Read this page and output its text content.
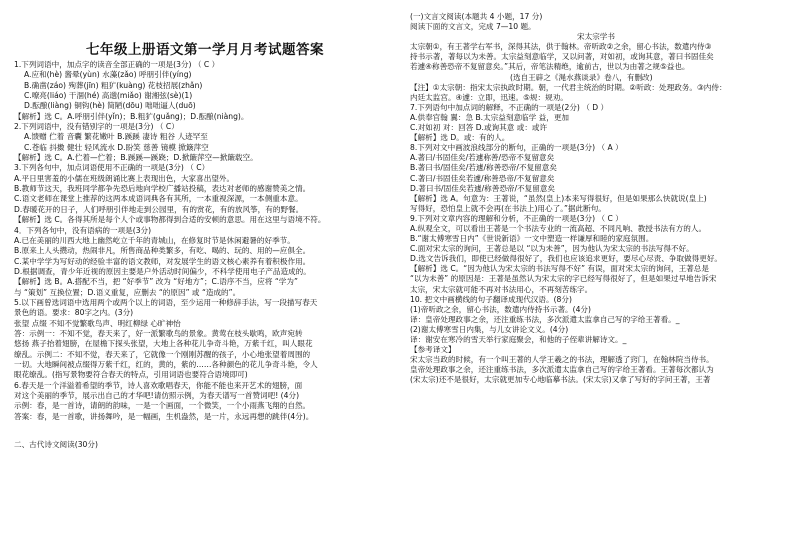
七年级上册语文第一学月月考试题答案
1.下列词语中，加点字的读音全部正确的一项是(3分) （ C ）
A.应和(hè) 酱晕(yùn) 水藻(zǎo) 呼朋引伴(yíng)
B.确凿(záo) 殉葬(jīn) 粗犷(kuàng) 花枝招展(zhǎn)
C.嘹亮(liáo) 干涸(hé) 高邈(miǎo) 谢湘弦(sè)(1)
D.酝酿(liàng) 铜钩(hè) 简陋(dōu) 咄咄逼人(duō)
【解析】选 C。A.呼朋引伴(yǐn)；B.粗犷(guǎng)；D.酝酿(niàng)。
2.下列词语中，没有错别字的一项是(3分) （ C）
A.馈赠 伫着 音囊 繁花嫩叶 B.蹊蹊 凄诗 粗谷 人迹罕至
C.苍临 抖擞 健壮 轻风流水 D.盼笑 慈善 镜模 掀簸萍空
【解析】选 C。A.伫着—伫着；B.蹊蹊—蹊跷；D.掀簸萍空—掀簸载空。
3.下列各句中，加点词语使用不正确的一项是(3分) （ C）
A.平日里害羞的小儒在班级朗诵比赛上表现出色，大家喜出望外。
B.教师节这天，我班同学都争先恐后地向学校广播站投稿，表达对老师的感谢赞美之情。
C.语文老师在课堂上推荐的这两本成语词典各有其所，一本重视深源，一本侧重本意。
D.春暖花开的日子，人们呼朋引伴地走到公园里，有的赏花，有的放风筝，有的野餐。
【解析】选 C。各得其所是每个人个或事物都得到合适的安顿的意思。用在这里与语境不符。
4．下列各句中，没有语病的一项是(3分)
A.已在美丽的川西大地上幽然屹立千年的青城山，在修复时节是休闲避暑的好季节。
B.原来上人头攒动，热闹非凡，所售商品种类繁多，有吃、喝的、玩的、用的—应俱全。
C.某中学学为写好动的经验丰富的语文教师，对发展学生的语文核心素养有着积极作用。
D.根据调查，青少年近视的原因主要是户外活动时间偏少，不科学使用电子产品造成的。
【解析】选 B。A.搭配不当，把 “好季节” 改为 “好地方”；C.语序不当，应将 “学为”
与 “策划” 互换位置；D.语义重复，应删去 “的原因” 或 “造成的”。
5.以下画曾选词语中选用两个或两个以上的词语，至少运用一种修辞手法，写一段描写春天
景色的语。要求：80字之内。(3分)
张望 点缀 不知不觉繁歌鸟声、明红柳绿 心旷神怡
答：示例一：不知不觉，春天来了，好一派繁歌鸟的景象。黄莺在枝头歇鸣，欧声宛转
悠扬 燕子抬着翅膀，在屋檐下探头张望，大地上各种花儿争奇斗艳，万紫千红，叫人眼花
缭乱。示例二：不知不觉，春天来了，它就像一个刚刚苏醒的孩子，小心地张望着周围的
一切。大地瞬间被点缀得万紫千红，红的，黄的，紫的……各种颜色的花儿争奇斗艳，令人
眼花缭乱。(指写景物要符合春天的特点，引用词语也要符合语境即可)
6.春天是一个洋溢着希望的季节，诗人喜欢歌唱春天，你能不能也来开艺术的翅膀，面
对这个美丽的季节，展示出自己的才华吧!请仿照示例，为春天谱写一首赞词吧! (4分)
示例：春，是一首诗，请朗的韵味，一是一个画面，一个微笑，一个小雨燕飞翔的自然。
答案：春，是一首歌，讲扬舞吟，是一幅画，生机盎然，是一片，永远再想的跳伴(4分)。
二、古代诗文阅读(30分)
(一)文言文阅读(本题共 4 小题，17 分)
阅读下面的文言文，完成 7—10 题。
宋太宗学书
太宗朝①，有王著学右军书，深得其法，供于翰林。帝听政②之余，留心书法，数遣内侍③
持书示著，著每以为未善。太宗益刻意临学，又以问著，对如初，或询其意，著曰书固佳矣
若遽④称善恐帝不复留意矣。”其后，帝笔法精绝，逾前古，世以为由著之规⑤益也。
(选自王辟之《渑水燕谈录》卷八，有删改)
【注】①太宗朝：指宋太宗执政时期。朝，一代君主统治的时期。②听政：处理政务。③内侍：
内廷太监宫。④遽：立即，迅速。⑤规：规劝。
7.下列语句中加点词的解释，不正确的一项是(2分) （ D ）
A.供奉官翰 翼：急 B.太宗益刻意临学 益，更加
C.对如初 对：回答 D.或询其意 或：或许
【解析】选 D。或：有的人。
8.下列对文中画波浪线部分的断句，正确的一项是(3分) （ A ）
A.著曰/书固佳矣/若遽称善/恐帝不复留意矣
B.著曰书/固佳矣/若遽/称善恐帝/不复留意矣
C.著曰/书固佳矣若遽/称善恐帝/不复留意矣
D.著曰书/固佳矣若遽/称善恐帝/不复留意矣
【解析】选 A。句意为：王著说，“虽然(皇上)本来写得很好，但是如果那么快就说(皇上)
写得好，恐怕皇上就不会再(在书法上)用心了。”据此断句。
9.下列对文章内容的理解和分析，不正确的一项是(3分) （ C ）
A.纵观全文，可以看出王著是一个书法专业的一流高超、不同凡响、教授书法有方的人。
B.“谢太傅寒雪日内”《世说新语》一文中塑造一样谦厚和睦的家庭氛围。
C.面对宋太宗的询问，王著总是以 “以为未善”，因为他认为宋太宗的书法写得不好。
D.选文告诉我们，即使已经做得很好了，我们也应该追求更好，要尽心尽责、争取做得更好。
【解析】选 C。“因为他认为宋太宗的书法写得不好” 有误，面对宋太宗的询问，王著总是
“以为未善” 的原因是：王著是虽然认为宋太宗的字已经写得很好了，但是如果过早地告诉宋
太宗，宋太宗就可能不再对书法用心，不再刻苦练字。
10. 把文中画横线的句子翻译成现代汉语。(8分)
(1)帝听政之余，留心书法，数遣内侍持书示著。(4分)
译：皇帝处理政事之余，还注重练书法，多次派遣太监拿自己写的字给王著看。_
(2)谢太傅寒雪日内集，与儿女讲论文义。(4分)
译：谢安在寒冷的雪天举行家庭聚会，和他的子侄辈讲解诗文。_
【参考译文】
宋太宗当政的时候，有一个叫王著的人学王羲之的书法，理解透了窍门，在翰林院当侍书。
皇帝处理政事之余，还注重练书法，多次派遣太监拿自己写的字给王著看。王著每次都认为
(宋太宗)还不是很好，太宗就更加专心地临摹书法。(宋太宗)又拿了写好的字问王著，王著
